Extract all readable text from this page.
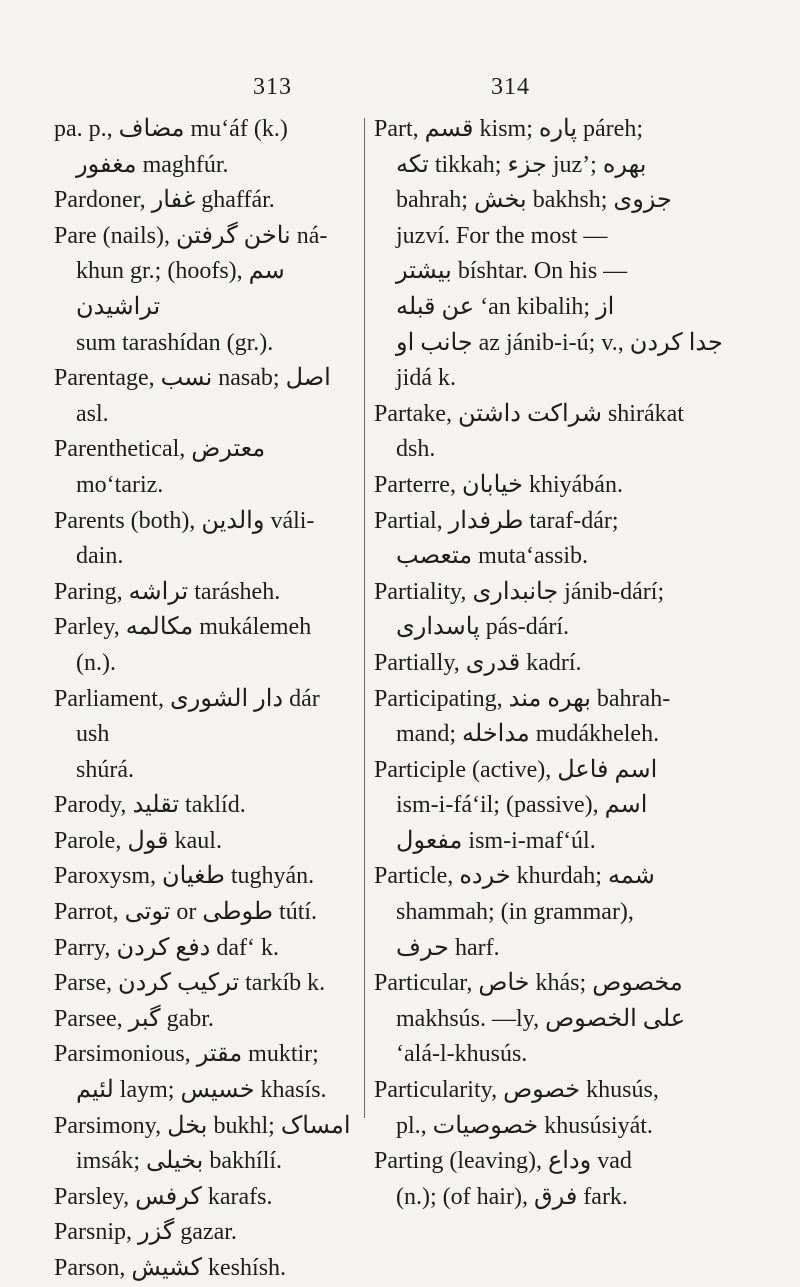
313	314

pa. p., مضاف muʻáf (k.)
مغفور maghfúr.

Pardoner, غفار ghaffár.

Pare (nails), ناخن گرفتن ná-
khun gr.; (hoofs), سم تراشیدن
sum tarashídan (gr.).

Parentage, نسب nasab; اصل
asl.

Parenthetical, معترض moʻtariz.

Parents (both), والدین váli-
dain.

Paring, تراشه tarásheh.

Parley, مکالمه mukálemeh (n.).

Parliament, دار الشوری dár ush
shúrá.

Parody, تقلید taklíd.

Parole, قول kaul.

Paroxysm, طغیان tughyán.

Parrot, توتی or طوطی tútí.

Parry, دفع کردن dafʻ k.

Parse, ترکیب کردن tarkíb k.

Parsee, گبر gabr.

Parsimonious, مقتر muktir;
لئیم laym; خسیس khasís.

Parsimony, بخل bukhl; امساک
imsák; بخیلی bakhílí.

Parsley, کرفس karafs.

Parsnip, گزر gazar.

Parson, کشیش keshísh.

Part, قسم kism; پاره páreh;
تکه tikkah; جزء juzʼ; بهره
bahrah; بخش bakhsh; جزوی
juzví. For the most —
بیشتر bíshtar. On his —
عن قبله ʻan kibalih; از
جانب او az jánib-i-ú; v., جدا کردن
jidá k.

Partake, شراکت داشتن shirákat
dsh.

Parterre, خیابان khiyábán.

Partial, طرفدار taraf-dár;
متعصب mutaʻassib.

Partiality, جانبداری jánib-dárí;
پاسداری pás-dárí.

Partially, قدری kadrí.

Participating, بهره مند bahrah-
mand; مداخله mudákheleh.

Participle (active), اسم فاعل
ism-i-fáʻil; (passive), اسم
مفعول ism-i-mafʻúl.

Particle, خرده khurdah; شمه
shammah; (in grammar),
حرف harf.

Particular, خاص khás; مخصوص
makhsús. —ly, علی الخصوص
ʻalá-l-khusús.

Particularity, خصوص khusús,
pl., خصوصیات khusúsiyát.

Parting (leaving), وداع vad
(n.); (of hair), فرق fark.
